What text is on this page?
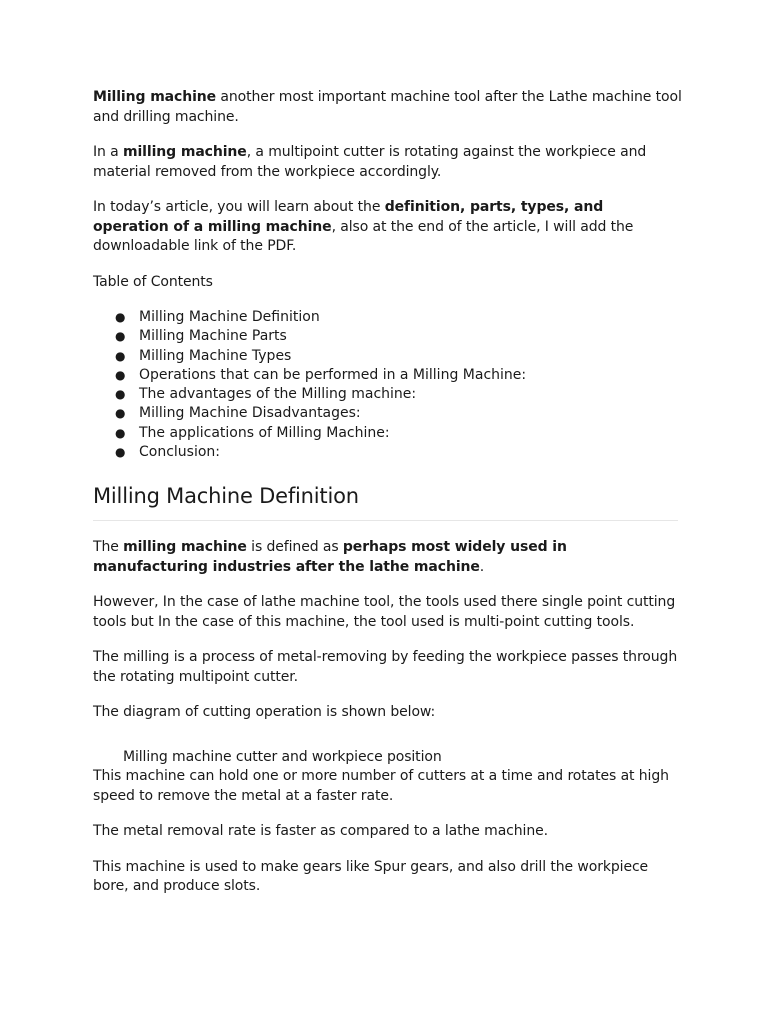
Milling machine another most important machine tool after the Lathe machine tool and drilling machine.

In a milling machine, a multipoint cutter is rotating against the workpiece and material removed from the workpiece accordingly.

In today’s article, you will learn about the definition, parts, types, and operation of a milling machine, also at the end of the article, I will add the downloadable link of the PDF.

Table of Contents

● Milling Machine Definition
● Milling Machine Parts
● Milling Machine Types
● Operations that can be performed in a Milling Machine:
● The advantages of the Milling machine:
● Milling Machine Disadvantages:
● The applications of Milling Machine:
● Conclusion:
Milling Machine Definition

The milling machine is defined as perhaps most widely used in manufacturing industries after the lathe machine.

However, In the case of lathe machine tool, the tools used there single point cutting tools but In the case of this machine, the tool used is multi-point cutting tools.

The milling is a process of metal-removing by feeding the workpiece passes through the rotating multipoint cutter.

The diagram of cutting operation is shown below:

Milling machine cutter and workpiece position

This machine can hold one or more number of cutters at a time and rotates at high speed to remove the metal at a faster rate.

The metal removal rate is faster as compared to a lathe machine.

This machine is used to make gears like Spur gears, and also drill the workpiece bore, and produce slots.
